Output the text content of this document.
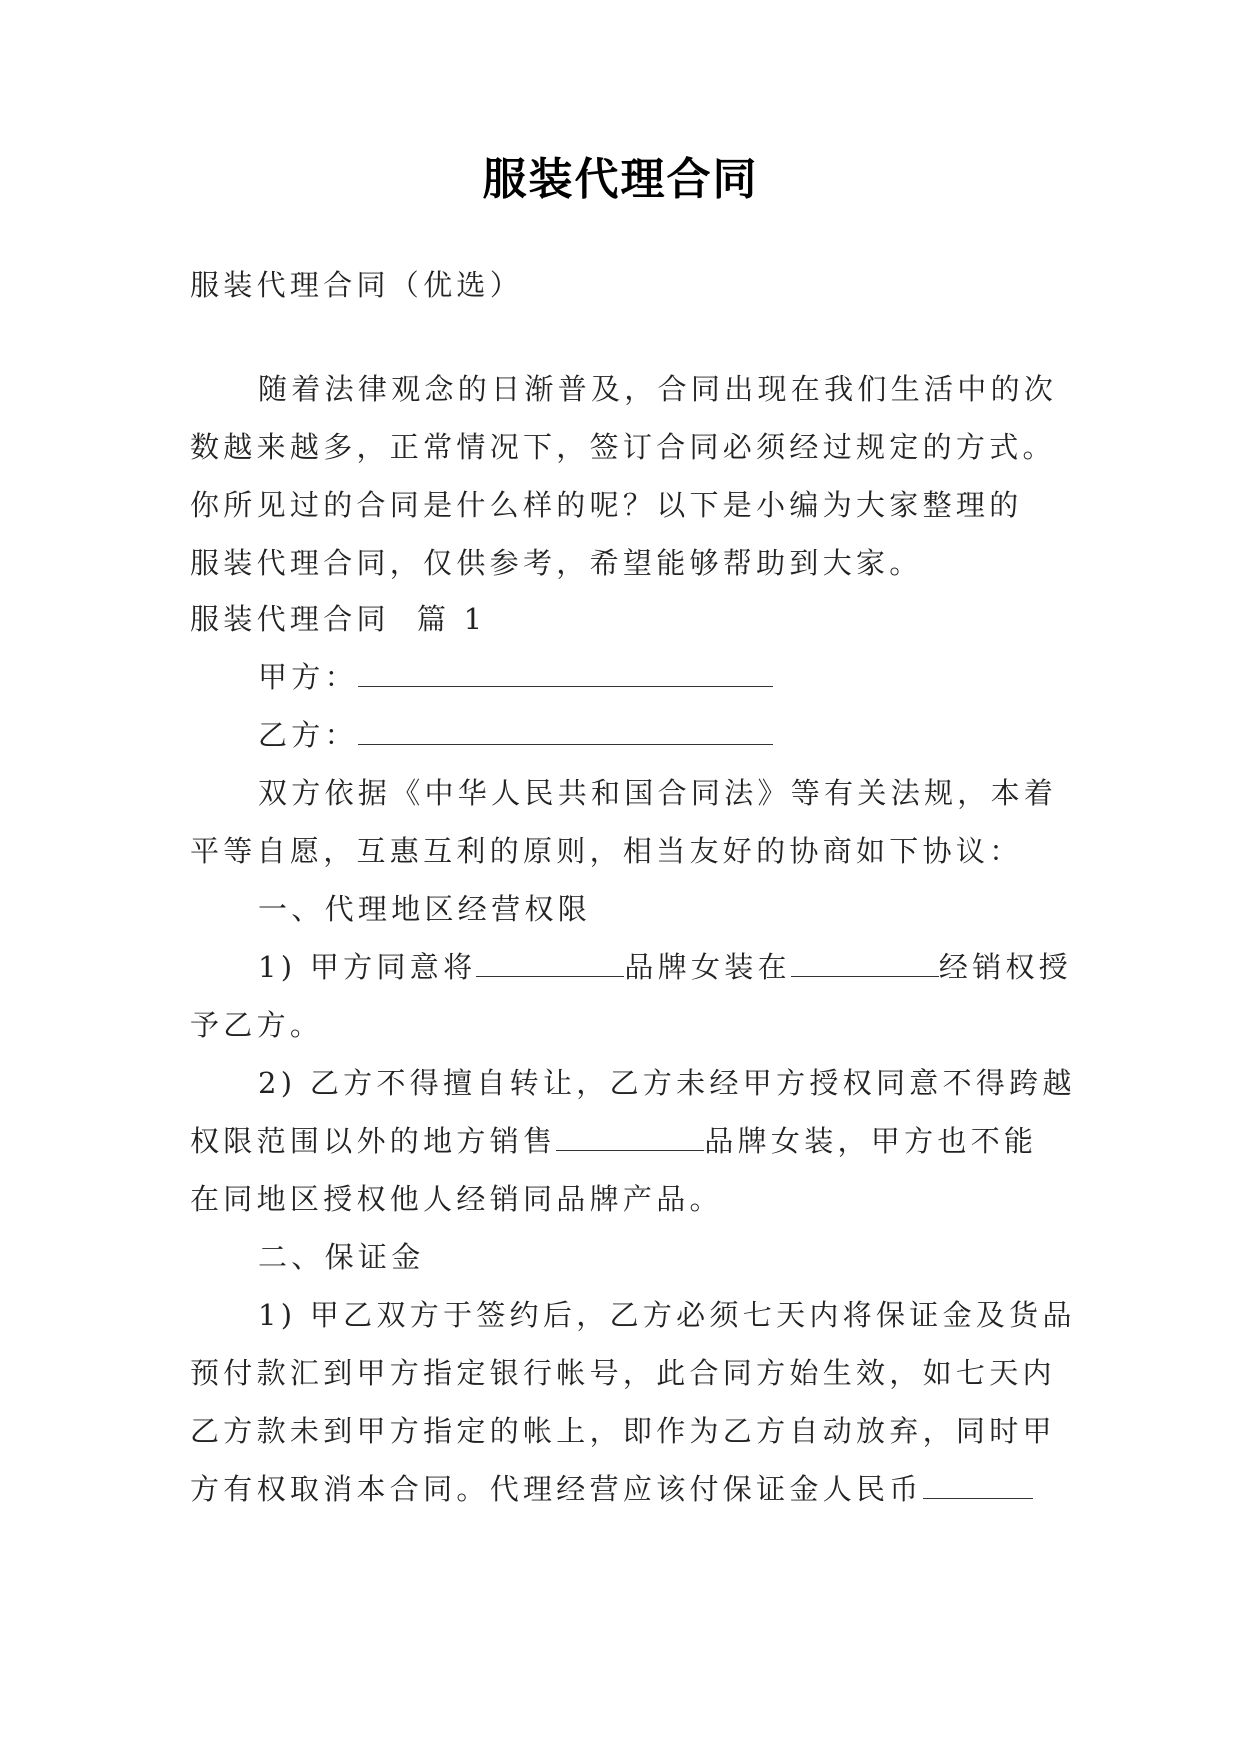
服装代理合同
服装代理合同（优选）
随着法律观念的日渐普及，合同出现在我们生活中的次
数越来越多，正常情况下，签订合同必须经过规定的方式。
你所见过的合同是什么样的呢？以下是小编为大家整理的
服装代理合同，仅供参考，希望能够帮助到大家。
服装代理合同  篇 1
甲方：
乙方：
双方依据《中华人民共和国合同法》等有关法规，本着
平等自愿，互惠互利的原则，相当友好的协商如下协议：
一、代理地区经营权限
1) 甲方同意将	品牌女装在	经销权授
予乙方。
2) 乙方不得擅自转让，乙方未经甲方授权同意不得跨越
权限范围以外的地方销售	品牌女装，甲方也不能
在同地区授权他人经销同品牌产品。
二、保证金
1) 甲乙双方于签约后，乙方必须七天内将保证金及货品
预付款汇到甲方指定银行帐号，此合同方始生效，如七天内
乙方款未到甲方指定的帐上，即作为乙方自动放弃，同时甲
方有权取消本合同。代理经营应该付保证金人民币
